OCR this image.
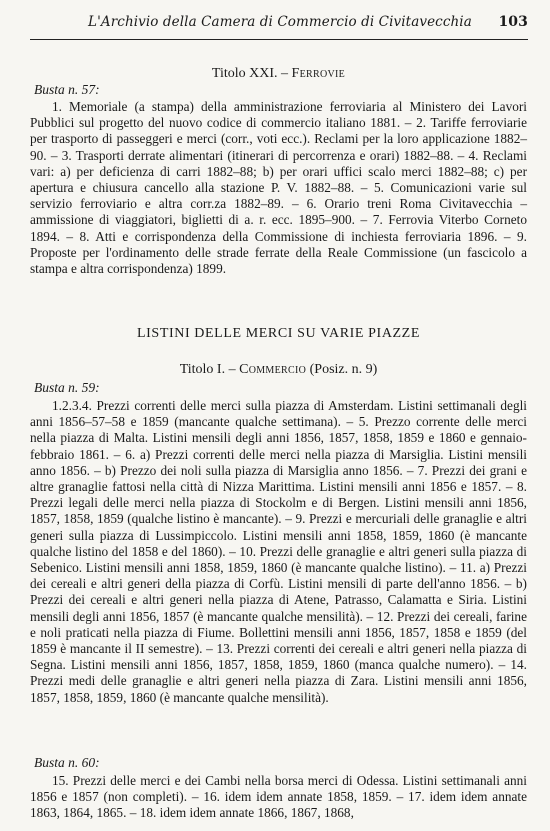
L'Archivio della Camera di Commercio di Civitavecchia 103
Titolo XXI. – Ferrovie
Busta n. 57:

1. Memoriale (a stampa) della amministrazione ferroviaria al Ministero dei Lavori Pubblici sul progetto del nuovo codice di commercio italiano 1881. – 2. Tariffe ferroviarie per trasporto di passeggeri e merci (corr., voti ecc.). Reclami per la loro applicazione 1882–90. – 3. Trasporti derrate alimentari (itinerari di percorrenza e orari) 1882–88. – 4. Reclami vari: a) per deficienza di carri 1882–88; b) per orari uffici scalo merci 1882–88; c) per apertura e chiusura cancello alla stazione P. V. 1882–88. – 5. Comunicazioni varie sul servizio ferroviario e altra corr.za 1882–89. – 6. Orario treni Roma Civitavecchia – ammissione di viaggiatori, biglietti di a. r. ecc. 1895–900. – 7. Ferrovia Viterbo Corneto 1894. – 8. Atti e corrispondenza della Commissione di inchiesta ferroviaria 1896. – 9. Proposte per l'ordinamento delle strade ferrate della Reale Commissione (un fascicolo a stampa e altra corrispondenza) 1899.

LISTINI DELLE MERCI SU VARIE PIAZZE
Titolo I. – Commercio (Posiz. n. 9)
Busta n. 59:

1.2.3.4. Prezzi correnti delle merci sulla piazza di Amsterdam. Listini settimanali degli anni 1856–57–58 e 1859 (mancante qualche settimana). – 5. Prezzo corrente delle merci nella piazza di Malta. Listini mensili degli anni 1856, 1857, 1858, 1859 e 1860 e gennaio-febbraio 1861. – 6. a) Prezzi correnti delle merci nella piazza di Marsiglia. Listini mensili anno 1856. – b) Prezzo dei noli sulla piazza di Marsiglia anno 1856. – 7. Prezzi dei grani e altre granaglie fattosi nella città di Nizza Marittima. Listini mensili anni 1856 e 1857. – 8. Prezzi legali delle merci nella piazza di Stockolm e di Bergen. Listini mensili anni 1856, 1857, 1858, 1859 (qualche listino è mancante). – 9. Prezzi e mercuriali delle granaglie e altri generi sulla piazza di Lussimpiccolo. Listini mensili anni 1858, 1859, 1860 (è mancante qualche listino del 1858 e del 1860). – 10. Prezzi delle granaglie e altri generi sulla piazza di Sebenico. Listini mensili anni 1858, 1859, 1860 (è mancante qualche listino). – 11. a) Prezzi dei cereali e altri generi della piazza di Corfù. Listini mensili di parte dell'anno 1856. – b) Prezzi dei cereali e altri generi nella piazza di Atene, Patrasso, Calamatta e Siria. Listini mensili degli anni 1856, 1857 (è mancante qualche mensilità). – 12. Prezzi dei cereali, farine e noli praticati nella piazza di Fiume. Bollettini mensili anni 1856, 1857, 1858 e 1859 (del 1859 è mancante il II semestre). – 13. Prezzi correnti dei cereali e altri generi nella piazza di Segna. Listini mensili anni 1856, 1857, 1858, 1859, 1860 (manca qualche numero). – 14. Prezzi medi delle granaglie e altri generi nella piazza di Zara. Listini mensili anni 1856, 1857, 1858, 1859, 1860 (è mancante qualche mensilità).

Busta n. 60:

15. Prezzi delle merci e dei Cambi nella borsa merci di Odessa. Listini settimanali anni 1856 e 1857 (non completi). – 16. idem idem annate 1858, 1859. – 17. idem idem annate 1863, 1864, 1865. – 18. idem idem annate 1866, 1867, 1868,
